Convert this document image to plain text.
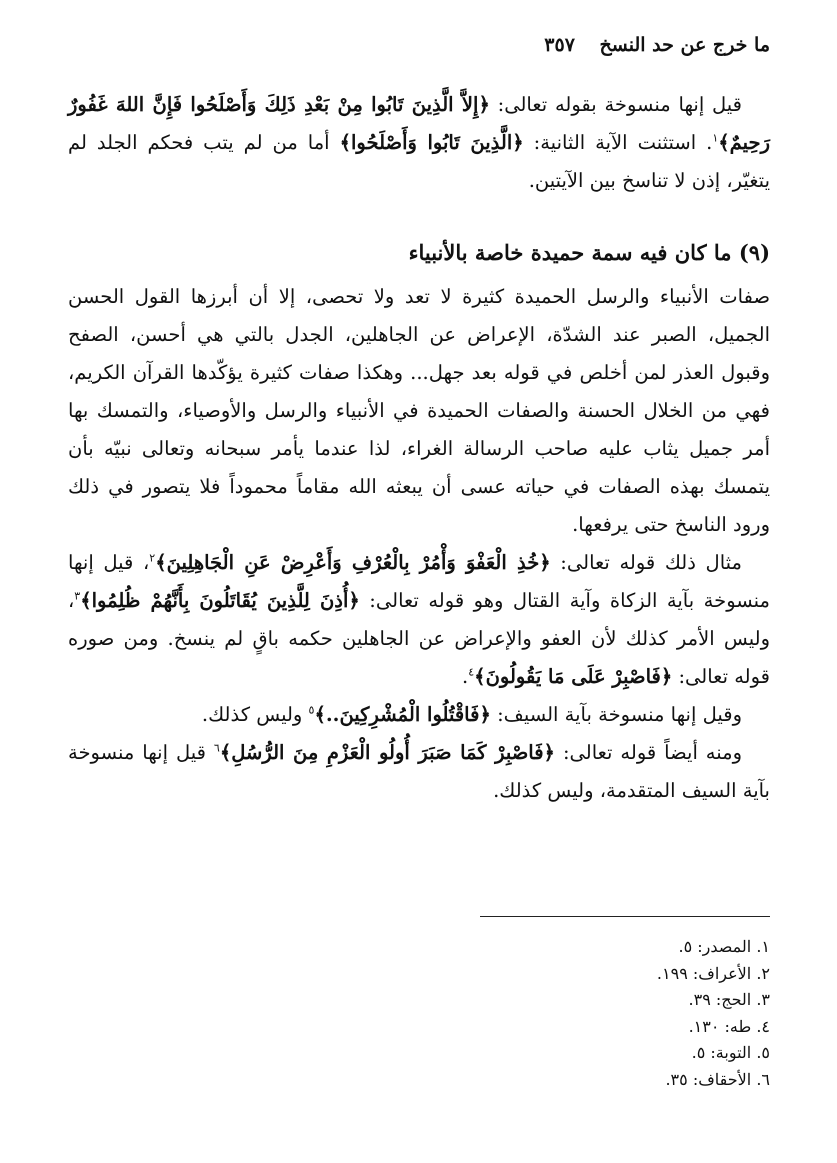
ما خرج عن حد النسخ ٣٥٧

قيل إنها منسوخة بقوله تعالى: ﴿إِلاَّ الَّذِينَ تَابُوا مِنْ بَعْدِ ذَلِكَ وَأَصْلَحُوا فَإِنَّ اللهَ غَفُورٌ رَحِيمٌ﴾$^١$. استثنت الآية الثانية: ﴿الَّذِينَ تَابُوا وَأَصْلَحُوا﴾ أما من لم يتب فحكم الجلد لم يتغيّر، إذن لا تناسخ بين الآيتين.

(٩) ما كان فيه سمة حميدة خاصة بالأنبياء

صفات الأنبياء والرسل الحميدة كثيرة لا تعد ولا تحصى، إلا أن أبرزها القول الحسن الجميل، الصبر عند الشدّة، الإعراض عن الجاهلين، الجدل بالتي هي أحسن، الصفح وقبول العذر لمن أخلص في قوله بعد جهل... وهكذا صفات كثيرة يؤكّدها القرآن الكريم، فهي من الخلال الحسنة والصفات الحميدة في الأنبياء والرسل والأوصياء، والتمسك بها أمر جميل يثاب عليه صاحب الرسالة الغراء، لذا عندما يأمر سبحانه وتعالى نبيّه بأن يتمسك بهذه الصفات في حياته عسى أن يبعثه الله مقاماً محموداً فلا يتصور في ذلك ورود الناسخ حتى يرفعها.

مثال ذلك قوله تعالى: ﴿خُذِ الْعَفْوَ وَأْمُرْ بِالْعُرْفِ وَأَعْرِضْ عَنِ الْجَاهِلِينَ﴾$^٢$، قيل إنها منسوخة بآية الزكاة وآية القتال وهو قوله تعالى: ﴿أُذِنَ لِلَّذِينَ يُقَاتَلُونَ بِأَنَّهُمْ ظُلِمُوا﴾$^٣$، وليس الأمر كذلك لأن العفو والإعراض عن الجاهلين حكمه باقٍ لم ينسخ. ومن صوره قوله تعالى: ﴿فَاصْبِرْ عَلَى مَا يَقُولُونَ﴾$^٤$.

وقيل إنها منسوخة بآية السيف: ﴿فَاقْتُلُوا الْمُشْرِكِينَ..﴾$^٥$ وليس كذلك.

ومنه أيضاً قوله تعالى: ﴿فَاصْبِرْ كَمَا صَبَرَ أُولُو الْعَزْمِ مِنَ الرُّسُلِ﴾$^٦$ قيل إنها منسوخة بآية السيف المتقدمة، وليس كذلك.

١. المصدر: ٥.
٢. الأعراف: ١٩٩.
٣. الحج: ٣٩.
٤. طه: ١٣٠.
٥. التوبة: ٥.
٦. الأحقاف: ٣٥.
